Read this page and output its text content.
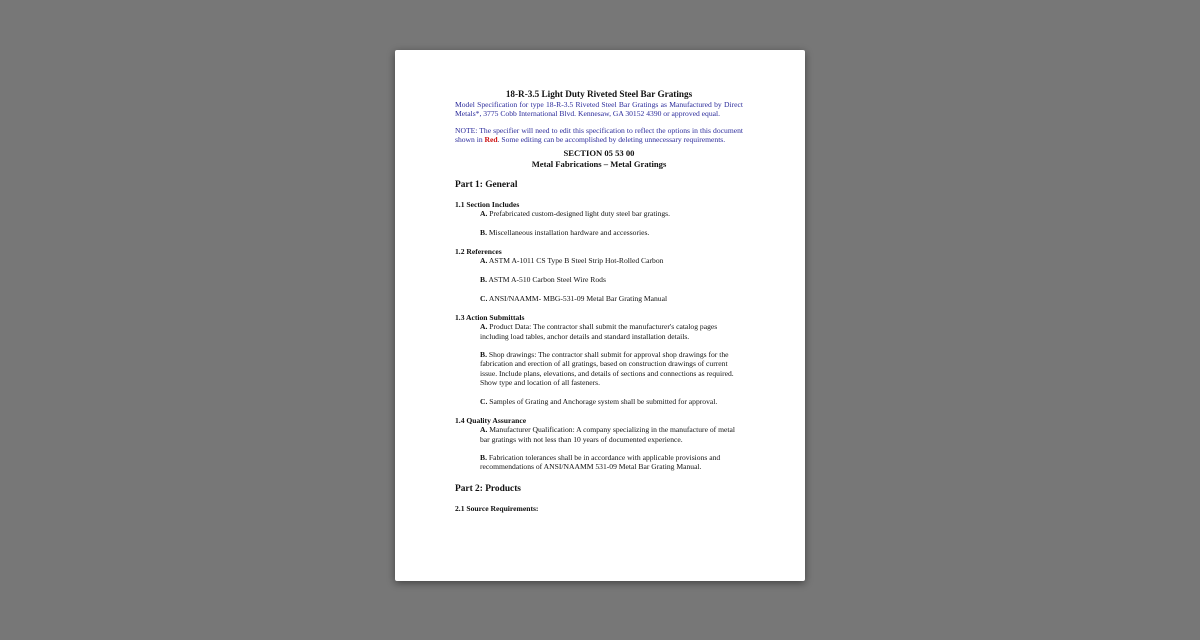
18-R-3.5 Light Duty Riveted Steel Bar Gratings
Model Specification for type 18-R-3.5 Riveted Steel Bar Gratings as Manufactured by Direct Metals*, 3775 Cobb International Blvd. Kennesaw, GA 30152 4390 or approved equal.
NOTE: The specifier will need to edit this specification to reflect the options in this document shown in Red. Some editing can be accomplished by deleting unnecessary requirements.
SECTION 05 53 00
Metal Fabrications – Metal Gratings
Part 1: General
1.1 Section Includes
A. Prefabricated custom-designed light duty steel bar gratings.
B. Miscellaneous installation hardware and accessories.
1.2 References
A. ASTM A-1011 CS Type B Steel Strip Hot-Rolled Carbon
B. ASTM A-510 Carbon Steel Wire Rods
C. ANSI/NAAMM- MBG-531-09 Metal Bar Grating Manual
1.3 Action Submittals
A. Product Data: The contractor shall submit the manufacturer's catalog pages including load tables, anchor details and standard installation details.
B. Shop drawings: The contractor shall submit for approval shop drawings for the fabrication and erection of all gratings, based on construction drawings of current issue. Include plans, elevations, and details of sections and connections as required. Show type and location of all fasteners.
C. Samples of Grating and Anchorage system shall be submitted for approval.
1.4 Quality Assurance
A. Manufacturer Qualification: A company specializing in the manufacture of metal bar gratings with not less than 10 years of documented experience.
B. Fabrication tolerances shall be in accordance with applicable provisions and recommendations of ANSI/NAAMM 531-09 Metal Bar Grating Manual.
Part 2: Products
2.1 Source Requirements:
